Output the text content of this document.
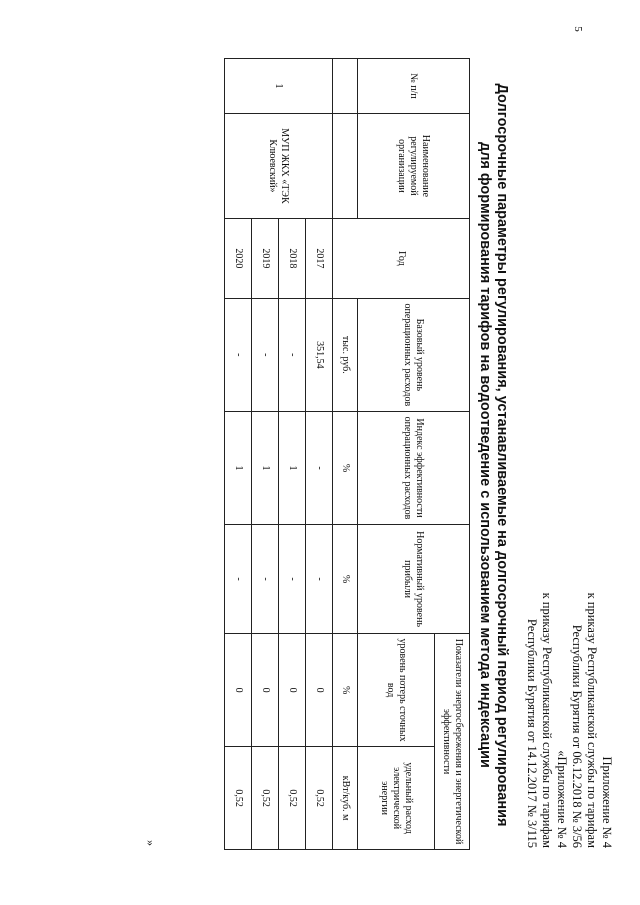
5
Приложение № 4
к приказу Республиканской службы по тарифам
Республики Бурятия от 06.12.2018 № 3/56
«Приложение № 4
к приказу Республиканской службы по тарифам
Республики Бурятия от 14.12.2017 № 3/115
Долгосрочные параметры регулирования, устанавливаемые на долгосрочный период регулирования для формирования тарифов на водоотведение с использованием метода индексации
№ п/п	Наименование регулируемой организации	Год	Базовый уровень операционных расходов	Индекс эффективности операционных расходов	Нормативный уровень прибыли	Показатели энергосбережения и энергетической эффективности	
						уровень потерь сточных вод	удельный расход электрической энергии
			тыс. руб.	%	%	%	кВт/куб. м
1	МУП ЖКХ «ТЭК Клюевский»	2017	351,54	-	-	0	0,52
		2018	-	1	-	0	0,52
		2019	-	1	-	0	0,52
		2020	-	1	-	0	0,52
»
